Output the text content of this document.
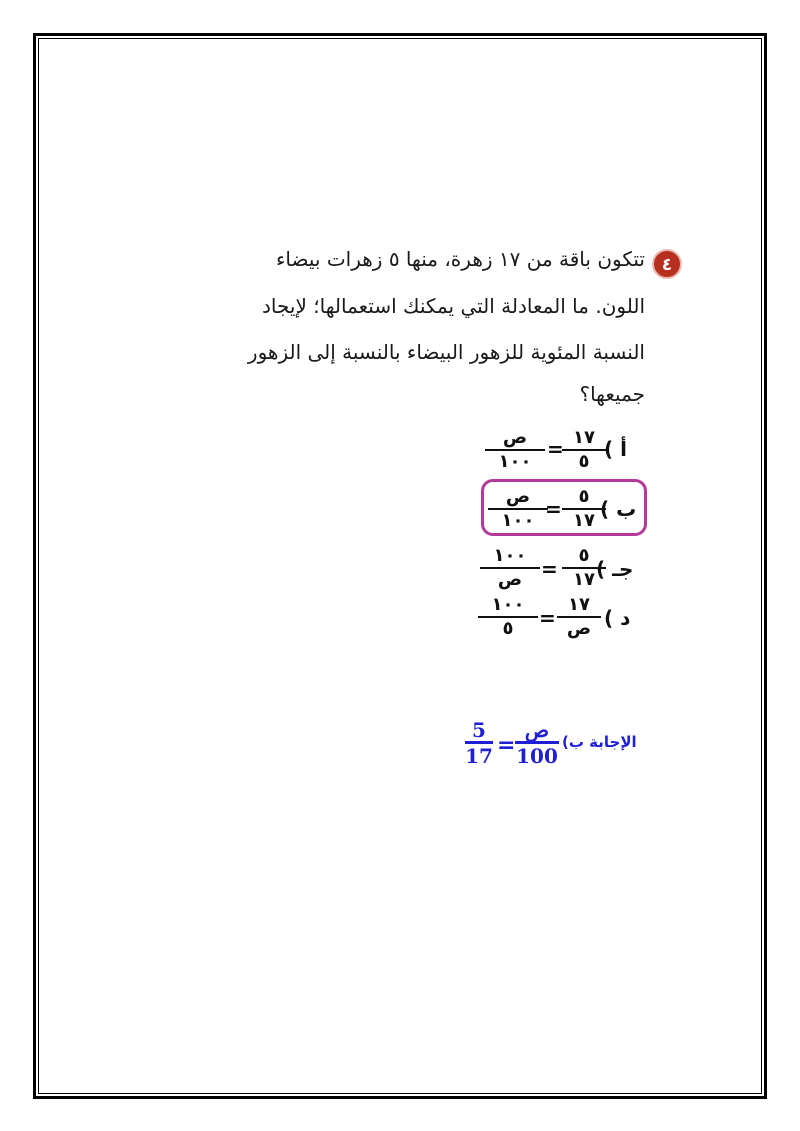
٤
تتكون باقة من ١٧ زهرة، منها ٥ زهرات بيضاء
اللون. ما المعادلة التي يمكنك استعمالها؛ لإيجاد
النسبة المئوية للزهور البيضاء بالنسبة إلى الزهور
جميعها؟
أ )
١٧
٥
=
ص
١٠٠
ب )
٥
١٧
=
ص
١٠٠
جـ )
٥
١٧
=
١٠٠
ص
د )
١٧
ص
=
١٠٠
٥
الإجابة ب)
ص
100
=
$\frac{5}{17}$
